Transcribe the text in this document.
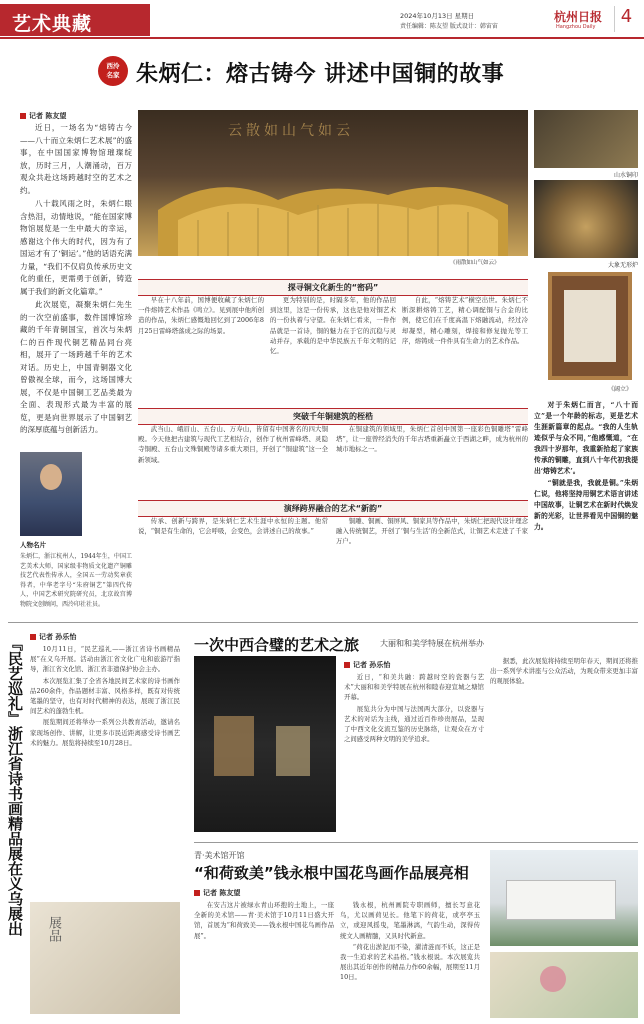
艺术典藏	2024年10月13日 星期日
责任编辑：陈友望 版式设计：韩宙宙
杭州日报
Hangzhou Daily	4
西泠
名家 朱炳仁：熔古铸今 讲述中国铜的故事
记者 陈友望

近日，一场名为“熔铸古今——八十而立朱炳仁艺术展”的盛事，在中国国家博物馆璀璨绽放，历时三月，人潮涌动，百万观众共赴这场跨越时空的艺术之约。

八十载风雨之时，朱炳仁眼含热泪，动情地说，“能在国家博物馆展览是一生中最大的幸运，感谢这个伟大的时代，因为有了国运才有了‘铜运’。”他的话语充满力量，“我们不仅肩负传承历史文化的重任，更需勇于创新，铸造属于我们的新文化篇章。”

此次展览，凝聚朱炳仁先生的一次空前盛事，数件国博馆珍藏的千年青铜国宝，首次与朱炳仁的百件现代铜艺精品同台亮相，展开了一场跨越千年的艺术对话。历史上，中国青铜器文化曾傲视全球，而今，这场国博大展，不仅是中国铜工艺品类最为全面、表现形式最为丰富的展览，更是向世界展示了中国铜艺的深厚底蕴与创新活力。

云散如山气如云
《雨散如山气如云》
山水铜印
大象无形炉
《阔立》
人物名片
朱炳仁，浙江杭州人，1944年生，中国工艺美术大师，国家级非物质文化遗产铜雕技艺代表性传承人，全国五一劳动奖章获得者，中华老字号“朱府铜艺”第四代传人，中国艺术研究院研究员，北京故宫博物院文创顾问，西泠印社社员。
探寻铜文化新生的“密码”

早在十八年前，国博便收藏了朱炳仁的一件熔铸艺术作品《鸣立》。见到展中他所创造的作品，朱炳仁感慨地回忆到了2006年8月25日雷峰塔落成之际的场景。

更为特别的是，时隔多年，他的作品回到这里，这是一份传承，这也是他对铜艺术的一份执着与守望。在朱炳仁看来，一件作品就是一首诗，铜的魅力在于它的沉稳与灵动并存，承载的是中华民族五千年文明的记忆。

自此，“熔铸艺术”横空出世。朱炳仁不断深耕熔铸工艺，精心调配铜与合金的比例，使它们在千度高温下熔融流动，经过冷却凝型，精心雕刻，焊接和修复抛光等工序，熔铸成一件件具有生命力的艺术作品。

突破千年铜建筑的桎梏

武当山、峨眉山、五台山、万寿山，皆留有中国著名的四大铜殿。今天他把古建筑与现代工艺相结合，创作了杭州雷峰塔、灵隐寺铜殿、五台山文殊铜殿等诸多重大项目，开创了“铜建筑”这一全新领域。

在铜建筑的领域里，朱炳仁首创中国第一座彩色铜雕塔“雷峰塔”，让一座曾经消失的千年古塔重新矗立于西湖之畔，成为杭州的城市地标之一。

演绎跨界融合的艺术“新韵”

传承、创新与跨界，是朱炳仁艺术生涯中永恒的主题。他常说，“铜是有生命的，它会呼吸，会变色，会讲述自己的故事。”

铜雕、铜画、铜屏风、铜家具等作品中，朱炳仁把现代设计理念融入传统铜艺，开创了‘铜与生活’的全新范式，让铜艺术走进了千家万户。

对于朱炳仁而言，“八十而立”是一个年龄的标志，更是艺术生涯新篇章的起点。“我的人生轨迹似乎与众不同，”他感慨道，“在我四十岁那年，我重新拾起了家族传承的铜雕，直到八十年代初我提出‘熔铸艺术’。

“铜就是我，我就是铜。”朱炳仁说，他将坚持用铜艺术语言讲述中国故事，让铜艺术在新时代焕发新的光彩，让世界看见中国铜的魅力。

『民艺巡礼』浙江省诗书画精品展在义乌展出	记者 孙乐怡

10月11日，“民艺巡礼——浙江省诗书画精品展”在义乌开展。活动由浙江省文化广电和旅游厅指导，浙江省文化馆、浙江省非遗保护协会主办。

本次展览汇集了全省各地民间艺术家的诗书画作品260余件，作品题材丰富、风格多样，既有对传统笔墨的坚守，也有对时代精神的表达，展现了浙江民间艺术的蓬勃生机。

展览期间还将举办一系列公共教育活动，邀请名家现场创作、讲解，让更多市民近距离感受诗书画艺术的魅力。展览将持续至10月28日。

展品
一次中西合璧的艺术之旅	大丽和和美学特展在杭州举办
记者 孙乐怡

近日，“和美共融：跨越时空的瓷器与艺术”大丽和和美学特展在杭州和睦春迎宣城之塘馆开幕。

展览共分为中国与法国两大部分，以瓷器与艺术的对话为主线，通过近百件珍贵展品，呈现了中西文化交流互鉴的历史脉络，让观众在方寸之间感受两种文明的美学追求。

据悉，此次展览将持续至明年春天，期间还将推出一系列学术讲座与公众活动，为观众带来更加丰富的观展体验。

青·美术馆开馆
“和荷致美”钱永根中国花鸟画作品展亮相
记者 陈友望

在安吉这片被绿水青山环抱的土地上，一座全新的美术馆——青·美术馆于10月11日盛大开馆，首展为“和荷致美——钱永根中国花鸟画作品展”。

钱永根，杭州画院专职画师，擅长写意花鸟，尤以画荷见长。他笔下的荷花，或亭亭玉立，或迎风摇曳，笔墨淋漓，气韵生动，深得传统文人画精髓，又具时代新意。

“荷花出淤泥而不染，濯清涟而不妖，这正是我一生追求的艺术品格。”钱永根说。本次展览共展出其近年创作的精品力作60余幅，展期至11月10日。
